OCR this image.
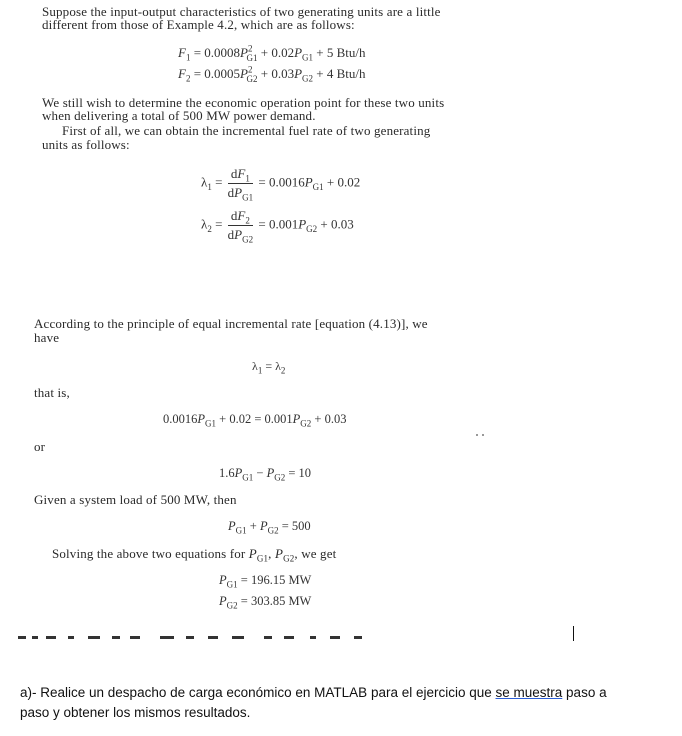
Suppose the input-output characteristics of two generating units are a little
different from those of Example 4.2, which are as follows:
$F_1 = 0.0008P^2_{G1} + 0.02P_{G1} + 5$ Btu/h
$F_2 = 0.0005P^2_{G2} + 0.03P_{G2} + 4$ Btu/h
We still wish to determine the economic operation point for these two units
when delivering a total of 500 MW power demand.
First of all, we can obtain the incremental fuel rate of two generating
units as follows:
$\lambda_1 = \frac{dF_1}{dP_{G1}} = 0.0016P_{G1} + 0.02$
$\lambda_2 = \frac{dF_2}{dP_{G2}} = 0.001P_{G2} + 0.03$
According to the principle of equal incremental rate [equation (4.13)], we
have
$\lambda_1 = \lambda_2$
that is,
$0.0016P_{G1} + 0.02 = 0.001P_{G2} + 0.03$
or
$1.6P_{G1} - P_{G2} = 10$
Given a system load of 500 MW, then
$P_{G1} + P_{G2} = 500$
Solving the above two equations for $P_{G1}$, $P_{G2}$, we get
$P_{G1} = 196.15$ MW
$P_{G2} = 303.85$ MW
a)- Realice un despacho de carga económico en MATLAB para el ejercicio que se muestra paso a
paso y obtener los mismos resultados.
